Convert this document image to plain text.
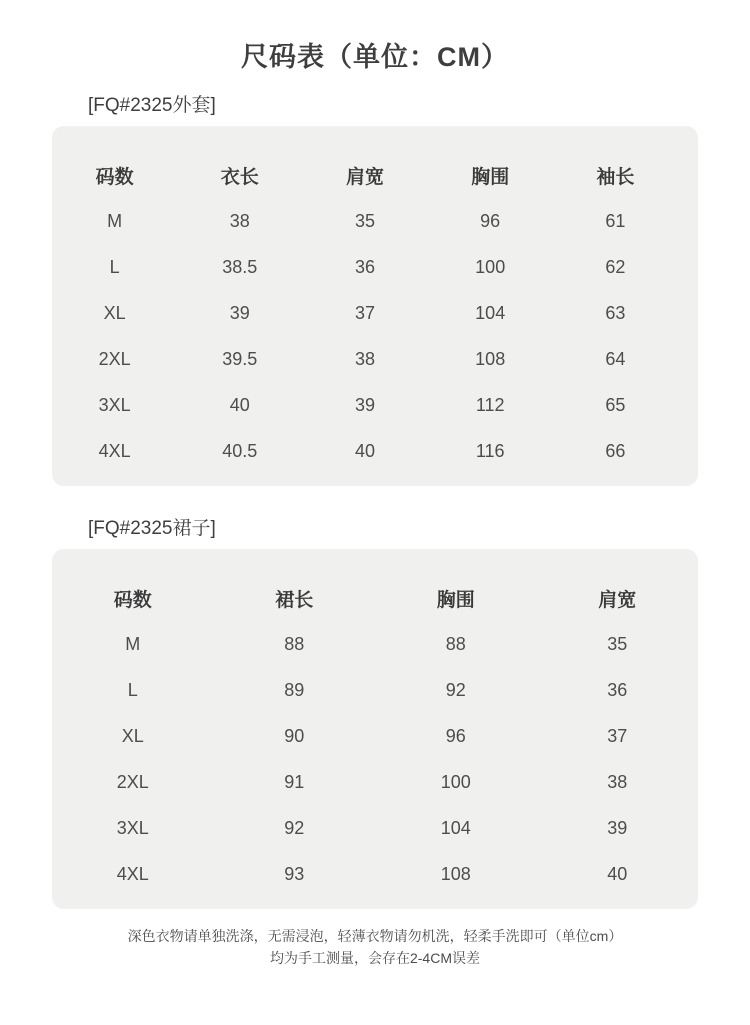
尺码表（单位：CM）
[FQ#2325外套]
码数	衣长	肩宽	胸围	袖长
M	38	35	96	61
L	38.5	36	100	62
XL	39	37	104	63
2XL	39.5	38	108	64
3XL	40	39	112	65
4XL	40.5	40	116	66
[FQ#2325裙子]
码数	裙长	胸围	肩宽
M	88	88	35
L	89	92	36
XL	90	96	37
2XL	91	100	38
3XL	92	104	39
4XL	93	108	40
深色衣物请单独洗涤，无需浸泡，轻薄衣物请勿机洗，轻柔手洗即可（单位cm）
均为手工测量，会存在2-4CM误差
